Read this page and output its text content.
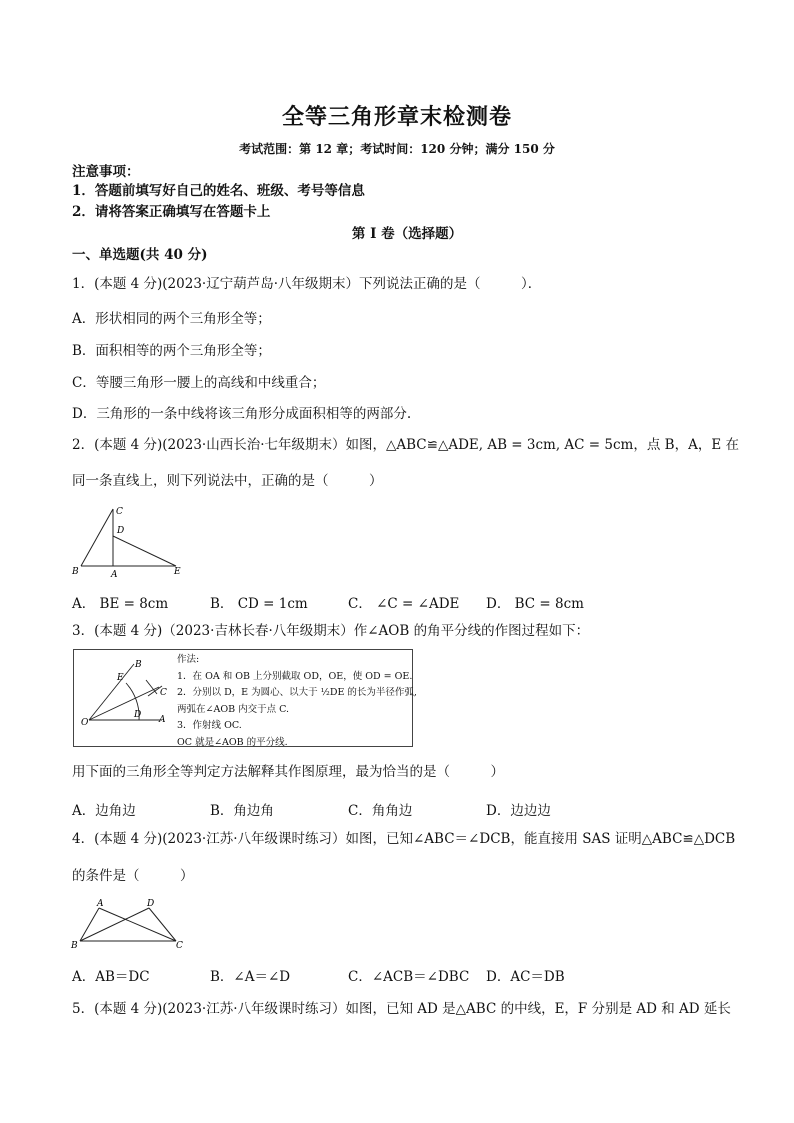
全等三角形章末检测卷
考试范围：第 12 章；考试时间：120 分钟；满分 150 分
注意事项：
1．答题前填写好自己的姓名、班级、考号等信息
2．请将答案正确填写在答题卡上
第 I 卷（选择题）
一、单选题(共 40 分)
1．(本题 4 分)(2023·辽宁葫芦岛·八年级期末）下列说法正确的是（　　　）．
A．形状相同的两个三角形全等；
B．面积相等的两个三角形全等；
C．等腰三角形一腰上的高线和中线重合；
D．三角形的一条中线将该三角形分成面积相等的两部分.
2．(本题 4 分)(2023·山西长治·七年级期末）如图，△ABC≌△ADE, AB = 3cm, AC = 5cm，点 B，A，E 在
同一条直线上，则下列说法中，正确的是（　　　）
C
D
B	A	E
A． BE = 8cm	B． CD = 1cm	C． ∠C = ∠ADE D． BC = 8cm
3．(本题 4 分)（2023·吉林长春·八年级期末）作∠AOB 的角平分线的作图过程如下：
O	A
B
E
C
D
作法:
1．在 OA 和 OB 上分别截取 OD，OE，使 OD = OE.
2．分别以 D，E 为圆心、以大于 ½DE 的长为半径作弧,
两弧在∠AOB 内交于点 C.
3．作射线 OC.
OC 就是∠AOB 的平分线.
用下面的三角形全等判定方法解释其作图原理，最为恰当的是（　　　）
A．边角边	B．角边角	C．角角边	D．边边边
4．(本题 4 分)(2023·江苏·八年级课时练习）如图，已知∠ABC＝∠DCB，能直接用 SAS 证明△ABC≌△DCB
的条件是（　　　）
A	D
B	C
A．AB＝DC	B．∠A＝∠D	C．∠ACB＝∠DBC D．AC＝DB
5．(本题 4 分)(2023·江苏·八年级课时练习）如图，已知 AD 是△ABC 的中线，E，F 分别是 AD 和 AD 延长
